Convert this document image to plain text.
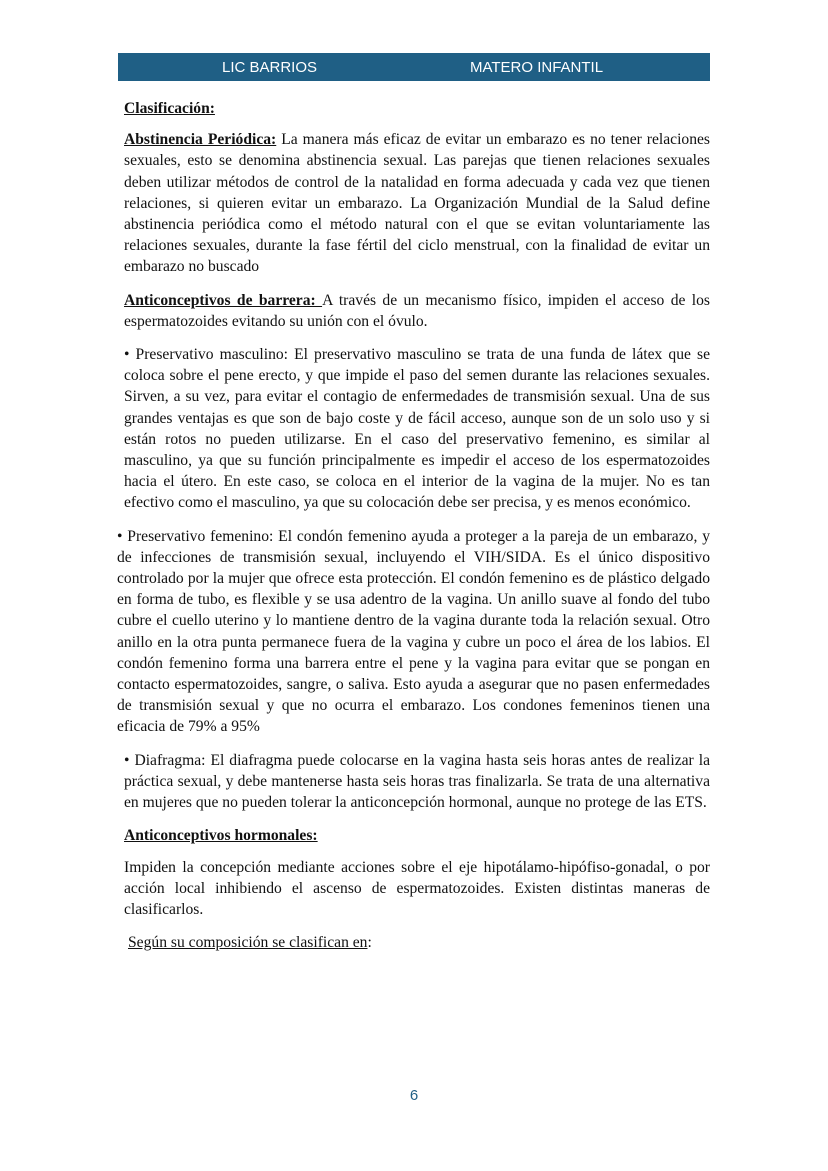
LIC BARRIOS	MATERO INFANTIL

Clasificación:

Abstinencia Periódica: La manera más eficaz de evitar un embarazo es no tener relaciones sexuales, esto se denomina abstinencia sexual. Las parejas que tienen relaciones sexuales deben utilizar métodos de control de la natalidad en forma adecuada y cada vez que tienen relaciones, si quieren evitar un embarazo. La Organización Mundial de la Salud define abstinencia periódica como el método natural con el que se evitan voluntariamente las relaciones sexuales, durante la fase fértil del ciclo menstrual, con la finalidad de evitar un embarazo no buscado

Anticonceptivos de barrera: A través de un mecanismo físico, impiden el acceso de los espermatozoides evitando su unión con el óvulo.

• Preservativo masculino: El preservativo masculino se trata de una funda de látex que se coloca sobre el pene erecto, y que impide el paso del semen durante las relaciones sexuales. Sirven, a su vez, para evitar el contagio de enfermedades de transmisión sexual. Una de sus grandes ventajas es que son de bajo coste y de fácil acceso, aunque son de un solo uso y si están rotos no pueden utilizarse. En el caso del preservativo femenino, es similar al masculino, ya que su función principalmente es impedir el acceso de los espermatozoides hacia el útero. En este caso, se coloca en el interior de la vagina de la mujer. No es tan efectivo como el masculino, ya que su colocación debe ser precisa, y es menos económico.

• Preservativo femenino: El condón femenino ayuda a proteger a la pareja de un embarazo, y de infecciones de transmisión sexual, incluyendo el VIH/SIDA. Es el único dispositivo controlado por la mujer que ofrece esta protección. El condón femenino es de plástico delgado en forma de tubo, es flexible y se usa adentro de la vagina. Un anillo suave al fondo del tubo cubre el cuello uterino y lo mantiene dentro de la vagina durante toda la relación sexual. Otro anillo en la otra punta permanece fuera de la vagina y cubre un poco el área de los labios. El condón femenino forma una barrera entre el pene y la vagina para evitar que se pongan en contacto espermatozoides, sangre, o saliva. Esto ayuda a asegurar que no pasen enfermedades de transmisión sexual y que no ocurra el embarazo. Los condones femeninos tienen una eficacia de 79% a 95%

• Diafragma: El diafragma puede colocarse en la vagina hasta seis horas antes de realizar la práctica sexual, y debe mantenerse hasta seis horas tras finalizarla. Se trata de una alternativa en mujeres que no pueden tolerar la anticoncepción hormonal, aunque no protege de las ETS.

Anticonceptivos hormonales:

Impiden la concepción mediante acciones sobre el eje hipotálamo-hipófiso-gonadal, o por acción local inhibiendo el ascenso de espermatozoides. Existen distintas maneras de clasificarlos.

Según su composición se clasifican en:

6
